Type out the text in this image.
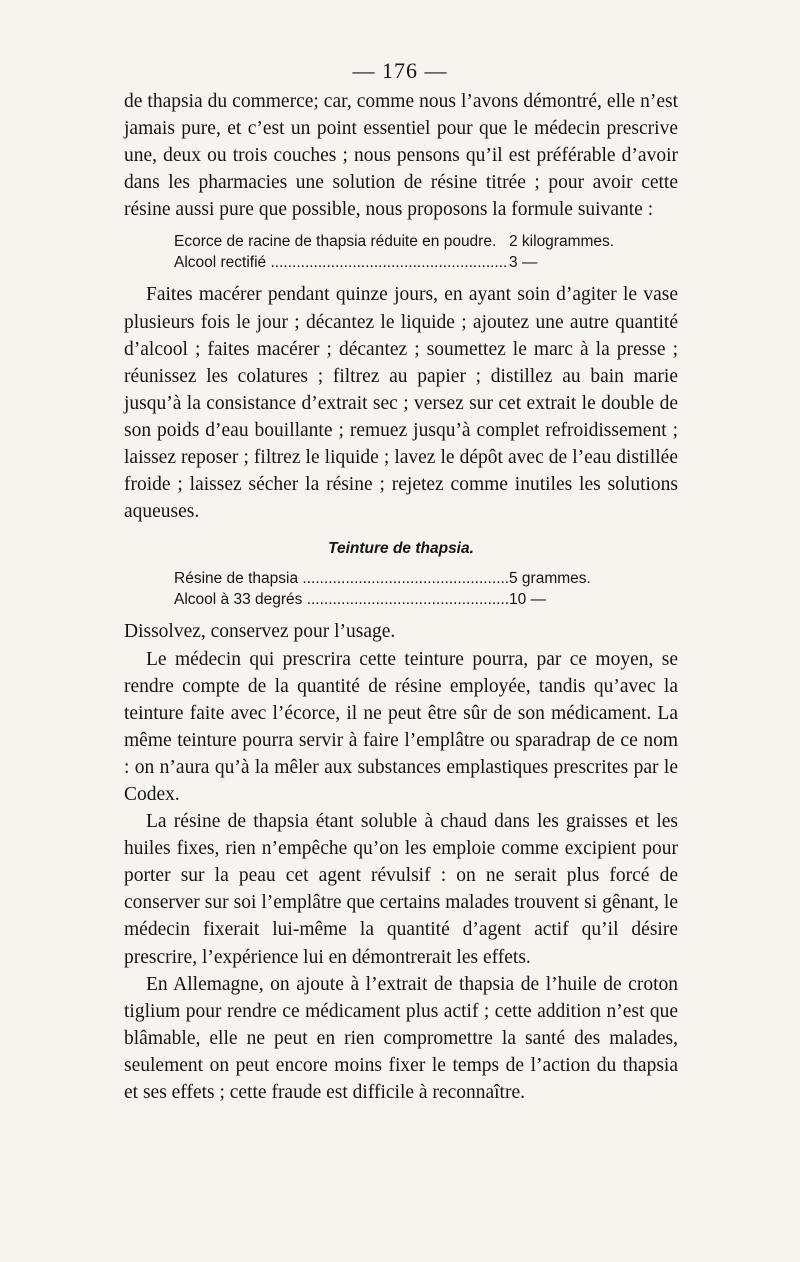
— 176 —

de thapsia du commerce; car, comme nous l’avons démontré, elle n’est jamais pure, et c’est un point essentiel pour que le médecin prescrive une, deux ou trois couches ; nous pensons qu’il est préférable d’avoir dans les pharmacies une solution de résine titrée ; pour avoir cette résine aussi pure que possible, nous proposons la formule suivante :

Ecorce de racine de thapsia réduite en poudre. 2 kilogrammes.
Alcool rectifié .....	3 —

Faites macérer pendant quinze jours, en ayant soin d’agiter le vase plusieurs fois le jour ; décantez le liquide ; ajoutez une autre quantité d’alcool ; faites macérer ; décantez ; soumettez le marc à la presse ; réunissez les colatures ; filtrez au papier ; distillez au bain marie jusqu’à la consistance d’extrait sec ; versez sur cet extrait le double de son poids d’eau bouillante ; remuez jusqu’à complet refroidissement ; laissez reposer ; filtrez le liquide ; lavez le dépôt avec de l’eau distillée froide ; laissez sécher la résine ; rejetez comme inutiles les solutions aqueuses.

Teinture de thapsia.
Résine de thapsia .....	5 grammes.
Alcool à 33 degrés .....	10 —

Dissolvez, conservez pour l’usage.

Le médecin qui prescrira cette teinture pourra, par ce moyen, se rendre compte de la quantité de résine employée, tandis qu’avec la teinture faite avec l’écorce, il ne peut être sûr de son médicament. La même teinture pourra servir à faire l’emplâtre ou sparadrap de ce nom : on n’aura qu’à la mêler aux substances emplastiques prescrites par le Codex.

La résine de thapsia étant soluble à chaud dans les graisses et les huiles fixes, rien n’empêche qu’on les emploie comme excipient pour porter sur la peau cet agent révulsif : on ne serait plus forcé de conserver sur soi l’emplâtre que certains malades trouvent si gênant, le médecin fixerait lui-même la quantité d’agent actif qu’il désire prescrire, l’expérience lui en démontrerait les effets.

En Allemagne, on ajoute à l’extrait de thapsia de l’huile de croton tiglium pour rendre ce médicament plus actif ; cette addition n’est que blâmable, elle ne peut en rien compromettre la santé des malades, seulement on peut encore moins fixer le temps de l’action du thapsia et ses effets ; cette fraude est difficile à reconnaître.
